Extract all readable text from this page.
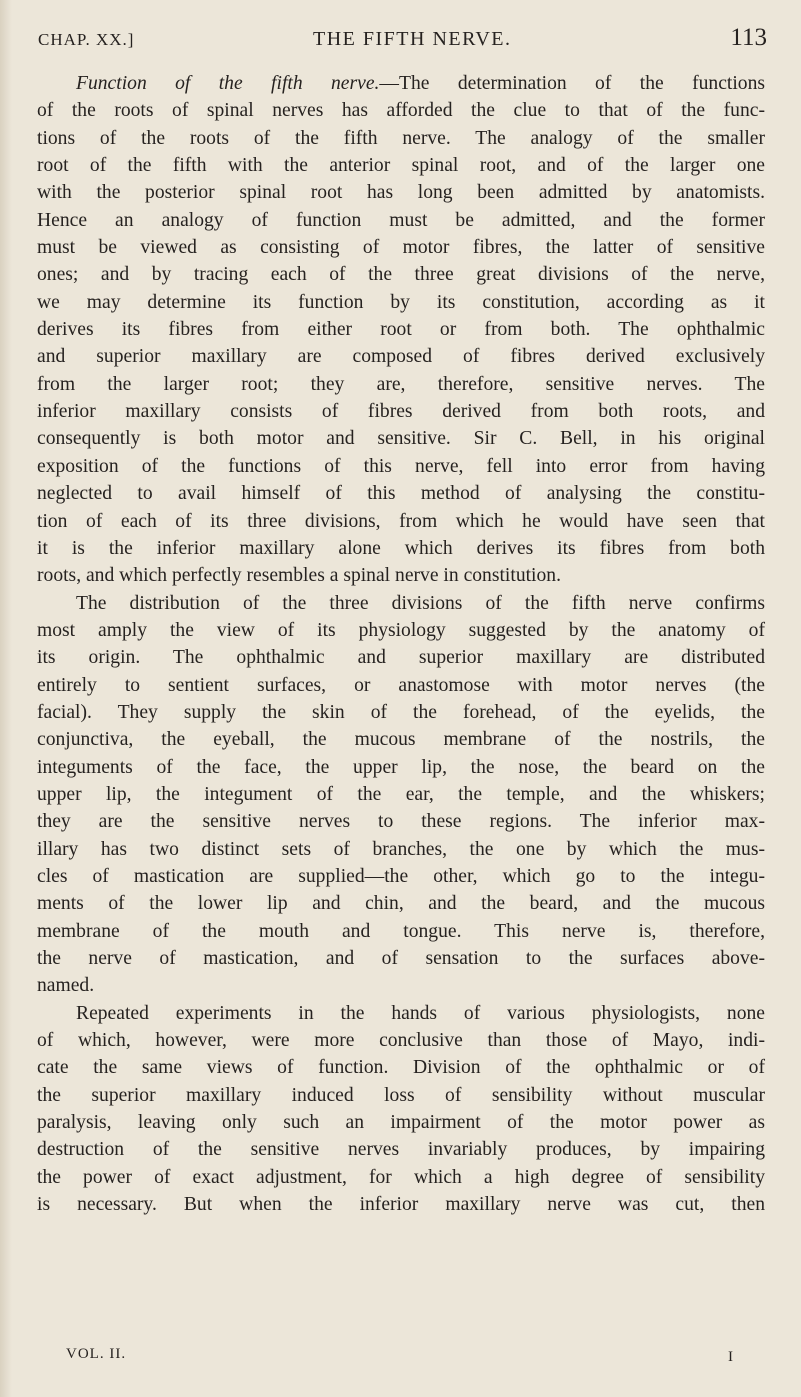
CHAP. XX.]	THE FIFTH NERVE.	113
Function of the fifth nerve.—The determination of the functions
of the roots of spinal nerves has afforded the clue to that of the func-
tions of the roots of the fifth nerve. The analogy of the smaller
root of the fifth with the anterior spinal root, and of the larger one
with the posterior spinal root has long been admitted by anatomists.
Hence an analogy of function must be admitted, and the former
must be viewed as consisting of motor fibres, the latter of sensitive
ones; and by tracing each of the three great divisions of the nerve,
we may determine its function by its constitution, according as it
derives its fibres from either root or from both. The ophthalmic
and superior maxillary are composed of fibres derived exclusively
from the larger root; they are, therefore, sensitive nerves. The
inferior maxillary consists of fibres derived from both roots, and
consequently is both motor and sensitive. Sir C. Bell, in his original
exposition of the functions of this nerve, fell into error from having
neglected to avail himself of this method of analysing the constitu-
tion of each of its three divisions, from which he would have seen that
it is the inferior maxillary alone which derives its fibres from both
roots, and which perfectly resembles a spinal nerve in constitution.
The distribution of the three divisions of the fifth nerve confirms
most amply the view of its physiology suggested by the anatomy of
its origin. The ophthalmic and superior maxillary are distributed
entirely to sentient surfaces, or anastomose with motor nerves (the
facial). They supply the skin of the forehead, of the eyelids, the
conjunctiva, the eyeball, the mucous membrane of the nostrils, the
integuments of the face, the upper lip, the nose, the beard on the
upper lip, the integument of the ear, the temple, and the whiskers;
they are the sensitive nerves to these regions. The inferior max-
illary has two distinct sets of branches, the one by which the mus-
cles of mastication are supplied—the other, which go to the integu-
ments of the lower lip and chin, and the beard, and the mucous
membrane of the mouth and tongue. This nerve is, therefore,
the nerve of mastication, and of sensation to the surfaces above-
named.
Repeated experiments in the hands of various physiologists, none
of which, however, were more conclusive than those of Mayo, indi-
cate the same views of function. Division of the ophthalmic or of
the superior maxillary induced loss of sensibility without muscular
paralysis, leaving only such an impairment of the motor power as
destruction of the sensitive nerves invariably produces, by impairing
the power of exact adjustment, for which a high degree of sensibility
is necessary. But when the inferior maxillary nerve was cut, then
VOL. II.	I
